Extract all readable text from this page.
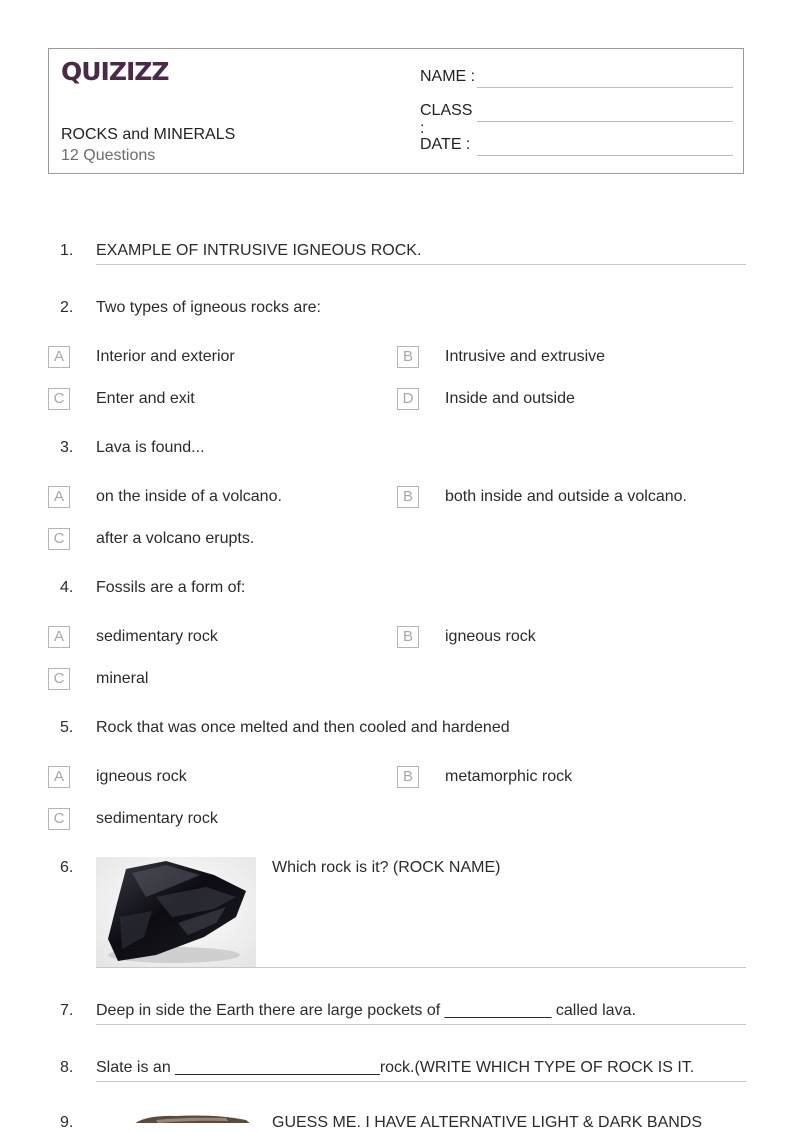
QUIZIZZ
ROCKS and MINERALS
12 Questions
NAME :
CLASS :
DATE :
1. EXAMPLE OF INTRUSIVE IGNEOUS ROCK.
2. Two types of igneous rocks are:
A	Interior and exterior	B	Intrusive and extrusive
C	Enter and exit	D	Inside and outside
3. Lava is found...
A	on the inside of a volcano.	B	both inside and outside a volcano.
C	after a volcano erupts.
4. Fossils are a form of:
A	sedimentary rock	B	igneous rock
C	mineral
5. Rock that was once melted and then cooled and hardened
A	igneous rock	B	metamorphic rock
C	sedimentary rock
6.	Which rock is it? (ROCK NAME)
7. Deep in side the Earth there are large pockets of ____________ called lava.
8. Slate is an _______________________rock.(WRITE WHICH TYPE OF ROCK IS IT.
9.	GUESS ME. I HAVE ALTERNATIVE LIGHT & DARK BANDS
